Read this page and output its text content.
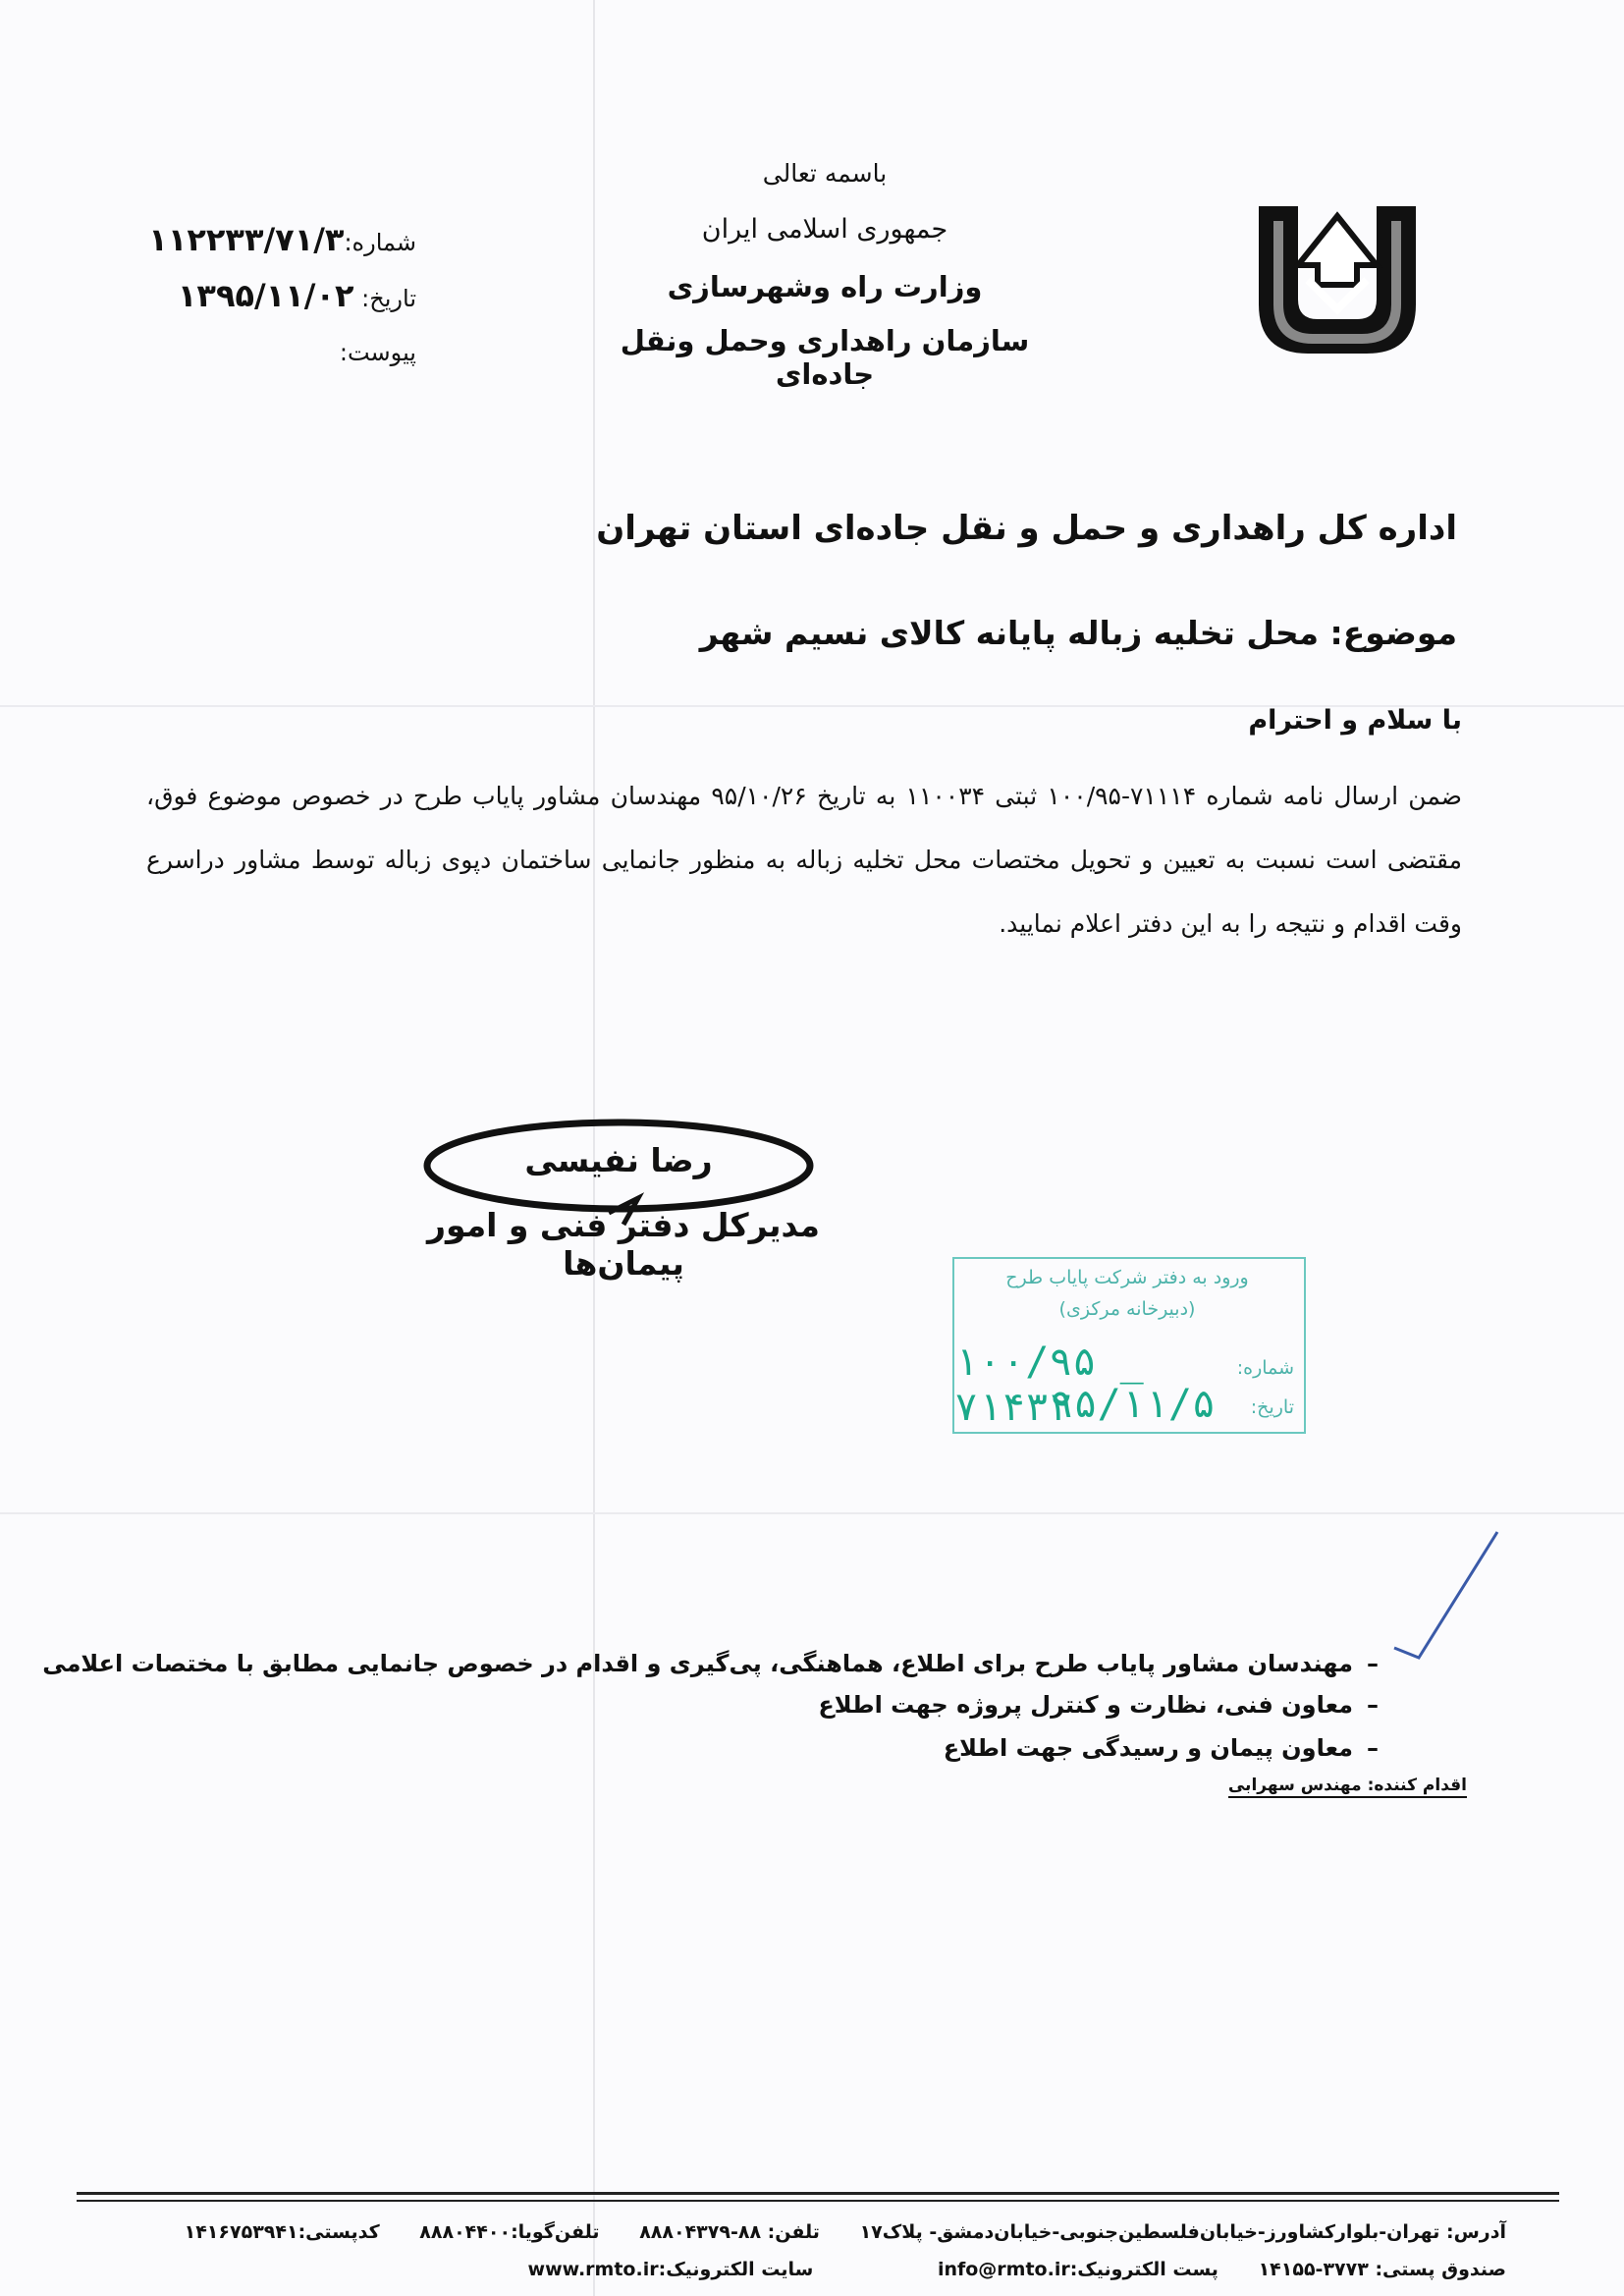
باسمه تعالی
جمهوری اسلامی ایران
وزارت راه وشهرسازی
سازمان راهداری وحمل ونقل جاده‌ای
شماره:۱۱۲۲۳۳/۷۱/۳
تاریخ: ۱۳۹۵/۱۱/۰۲
پیوست:
اداره کل راهداری و حمل و نقل جاده‌ای استان تهران
موضوع: محل تخلیه زباله پایانه کالای نسیم شهر
با سلام و احترام
ضمن ارسال نامه شماره ۷۱۱۱۴-۱۰۰/۹۵ ثبتی ۱۱۰۰۳۴ به تاریخ ۹۵/۱۰/۲۶ مهندسان مشاور پایاب طرح در خصوص موضوع فوق، مقتضی است نسبت به تعیین و تحویل مختصات محل تخلیه زباله به منظور جانمایی ساختمان دپوی زباله توسط مشاور دراسرع وقت اقدام و نتیجه را به این دفتر اعلام نمایید.
رضا نفیسی
مدیرکل دفتر فنی و امور پیمان‌ها	ورود به دفتر شرکت پایاب طرح
(دبیرخانه مرکزی)
شماره:
تاریخ:
۱۰۰/۹۵ _ ۷۱۴۳۲
۹۵/۱۱/۵
–مهندسان مشاور پایاب طرح برای اطلاع، هماهنگی، پی‌گیری و اقدام در خصوص جانمایی مطابق با مختصات اعلامی
–معاون فنی، نظارت و کنترل پروژه جهت اطلاع
–معاون پیمان و رسیدگی جهت اطلاع
اقدام کننده: مهندس سهرابی
آدرس: تهران-بلوارکشاورز-خیابان‌فلسطین‌جنوبی-خیابان‌دمشق- پلاک۱۷ تلفن: ۸۸-۸۸۸۰۴۳۷۹ تلفن‌گویا:۸۸۸۰۴۴۰۰ کدپستی:۱۴۱۶۷۵۳۹۴۱
صندوق پستی: ۳۷۷۳-۱۴۱۵۵ پست الکترونیک:info@rmto.ir سایت الکترونیک:www.rmto.ir
